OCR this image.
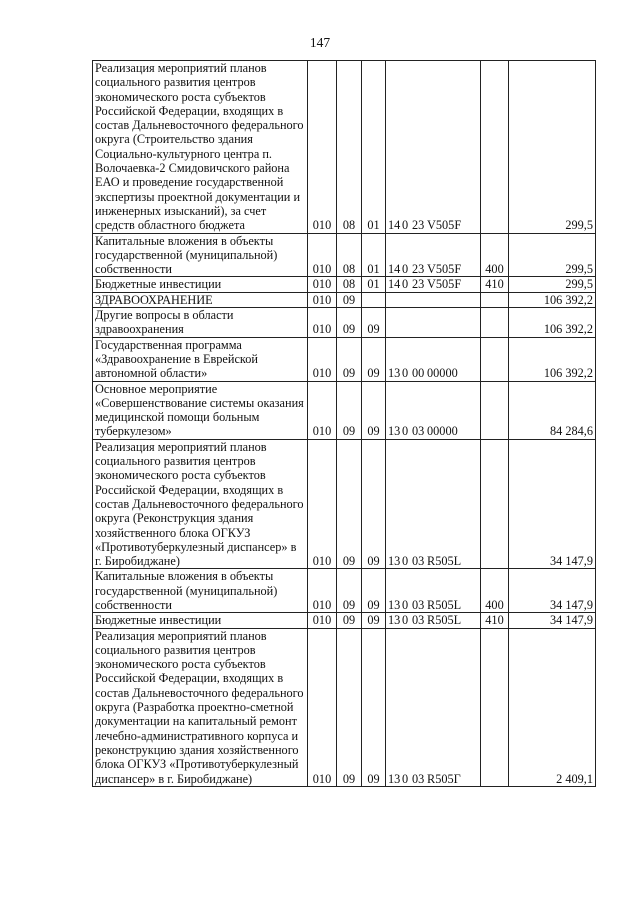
147
Реализация мероприятий планов социального развития центров экономического роста субъектов Российской Федерации, входящих в состав Дальневосточного федерального округа (Строительство здания Социально-культурного центра п. Волочаевка-2 Смидовичского района ЕАО и проведение государственной экспертизы проектной документации и инженерных изысканий), за счет средств областного бюджета	010	08	01	14 0 23 V505F		299,5
Капитальные вложения в объекты государственной (муниципальной) собственности	010	08	01	14 0 23 V505F	400	299,5
Бюджетные инвестиции	010	08	01	14 0 23 V505F	410	299,5
ЗДРАВООХРАНЕНИЕ	010	09				106 392,2
Другие вопросы в области здравоохранения	010	09	09			106 392,2
Государственная программа «Здравоохранение в Еврейской автономной области»	010	09	09	13 0 00 00000		106 392,2
Основное мероприятие «Совершенствование системы оказания медицинской помощи больным туберкулезом»	010	09	09	13 0 03 00000		84 284,6
Реализация мероприятий планов социального развития центров экономического роста субъектов Российской Федерации, входящих в состав Дальневосточного федерального округа (Реконструкция здания хозяйственного блока ОГКУЗ «Противотуберкулезный диспансер» в г. Биробиджане)	010	09	09	13 0 03 R505L		34 147,9
Капитальные вложения в объекты государственной (муниципальной) собственности	010	09	09	13 0 03 R505L	400	34 147,9
Бюджетные инвестиции	010	09	09	13 0 03 R505L	410	34 147,9
Реализация мероприятий планов социального развития центров экономического роста субъектов Российской Федерации, входящих в состав Дальневосточного федерального округа (Разработка проектно-сметной документации на капитальный ремонт лечебно-административного корпуса и реконструкцию здания хозяйственного блока ОГКУЗ «Противотуберкулезный диспансер» в г. Биробиджане)	010	09	09	13 0 03 R505Г		2 409,1
